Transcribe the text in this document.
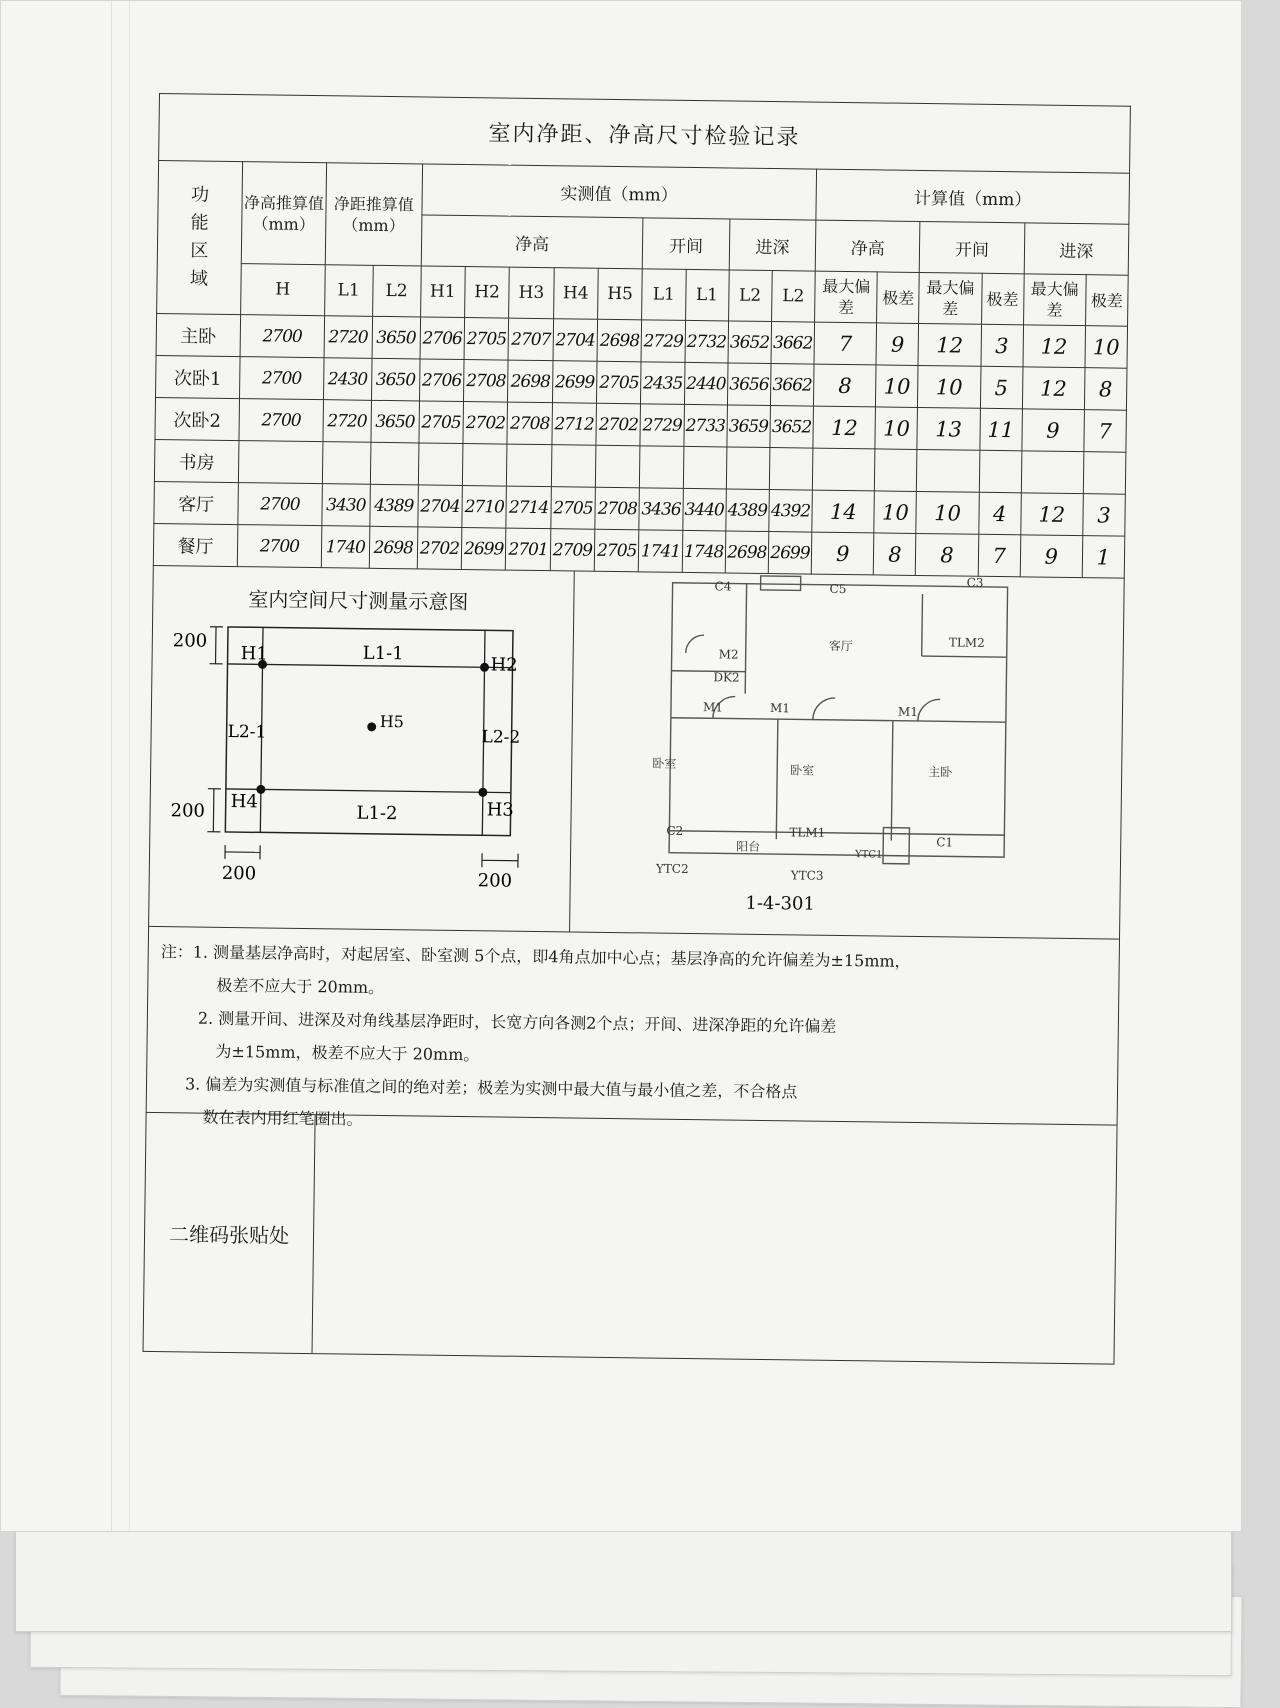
室内净距、净高尺寸检验记录
功
能
区
域	净高推算值（mm）	净距推算值（mm）		实测值（mm）									计算值（mm）					
				净高					开间		进深		净高		开间		进深	
	H	L1	L2	H1	H2	H3	H4	H5	L1	L1	L2	L2	最大偏差	极差	最大偏差	极差	最大偏差	极差
主卧	2700	2720	3650	2706	2705	2707	2704	2698	2729	2732	3652	3662	7	9	12	3	12	10
次卧1	2700	2430	3650	2706	2708	2698	2699	2705	2435	2440	3656	3662	8	10	10	5	12	8
次卧2	2700	2720	3650	2705	2702	2708	2712	2702	2729	2733	3659	3652	12	10	13	11	9	7
书房																		
客厅	2700	3430	4389	2704	2710	2714	2705	2708	3436	3440	4389	4392	14	10	10	4	12	3
餐厅	2700	1740	2698	2702	2699	2701	2709	2705	1741	1748	2698	2699	9	8	8	7	9	1
室内空间尺寸测量示意图
H1
H2
H3
H4
H5
L1-1
L1-2
L2-1	L2-2
200
200
200	200
C4	C5	C3
M2
DK2
客厅	TLM2
M1	M1	M1
卧室	卧室	主卧
C2	TLM1
C1
YTC1
阳台
YTC2	YTC3
1-4-301
注：1. 测量基层净高时，对起居室、卧室测 5个点，即4角点加中心点；基层净高的允许偏差为±15mm，
极差不应大于 20mm。
2. 测量开间、进深及对角线基层净距时，长宽方向各测2个点；开间、进深净距的允许偏差
为±15mm，极差不应大于 20mm。
3. 偏差为实测值与标准值之间的绝对差；极差为实测中最大值与最小值之差，不合格点
数在表内用红笔圈出。
二维码张贴处
